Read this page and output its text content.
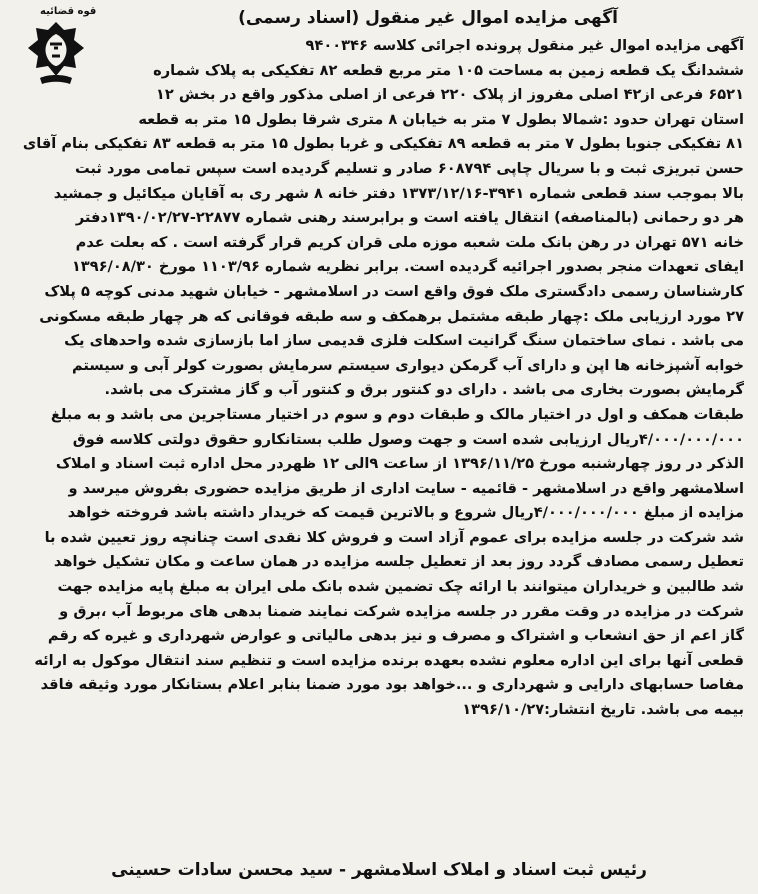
قوه قضائیه	آگهی مزایده اموال غیر منقول (اسناد رسمی)
آگهی مزایده اموال غیر منقول پرونده اجرائی کلاسه ۹۴۰۰۳۴۶
ششدانگ یک قطعه زمین به مساحت ۱۰۵ متر مربع قطعه ۸۲ تفکیکی به پلاک شماره
۶۵۲۱ فرعی از۴۲ اصلی مفروز از پلاک ۲۲۰ فرعی از اصلی مذکور واقع در بخش ۱۲
استان تهران حدود :شمالا بطول ۷ متر به خیابان ۸ متری شرقا بطول ۱۵ متر به قطعه
۸۱ تفکیکی جنوبا بطول ۷ متر به قطعه ۸۹ تفکیکی و غربا بطول ۱۵ متر به قطعه ۸۳ تفکیکی بنام آقای
حسن تبریزی ثبت و با سریال چاپی ۶۰۸۷۹۴ صادر و تسلیم گردیده است سپس تمامی مورد ثبت
بالا بموجب سند قطعی شماره ۳۹۴۱-۱۳۷۳/۱۲/۱۶ دفتر خانه ۸ شهر ری به آقایان میکائیل و جمشید
هر دو رحمانی (بالمناصفه) انتقال یافته است و برابرسند رهنی شماره ۲۲۸۷۷-۱۳۹۰/۰۲/۲۷دفتر
خانه ۵۷۱ تهران در رهن بانک ملت شعبه موزه ملی قران کریم قرار گرفته است . که بعلت عدم
ایفای تعهدات منجر بصدور اجرائیه گردیده است. برابر نظریه شماره ۱۱۰۳/۹۶ مورخ ۱۳۹۶/۰۸/۳۰
کارشناسان رسمی دادگستری ملک فوق واقع است در اسلامشهر - خیابان شهید مدنی کوچه ۵ پلاک
۲۷ مورد ارزیابی ملک :چهار طبقه مشتمل برهمکف و سه طبقه فوقانی که هر چهار طبقه مسکونی
می باشد . نمای ساختمان سنگ گرانیت اسکلت فلزی قدیمی ساز اما بازسازی شده واحدهای یک
خوابه آشپزخانه ها اپن و دارای آب گرمکن دیواری سیستم سرمایش بصورت کولر آبی و سیستم
گرمایش بصورت بخاری می باشد . دارای دو کنتور برق و کنتور آب و گاز مشترک می باشد.
طبقات همکف و اول در اختیار مالک و طبقات دوم و سوم در اختیار مستاجرین می باشد و به مبلغ
۴/۰۰۰/۰۰۰/۰۰۰ریال ارزیابی شده است و جهت وصول طلب بستانکارو حقوق دولتی کلاسه فوق
الذکر در روز چهارشنبه مورخ ۱۳۹۶/۱۱/۲۵ از ساعت ۹الی ۱۲ ظهردر محل اداره ثبت اسناد و املاک
اسلامشهر واقع در اسلامشهر - قائمیه - سایت اداری از طریق مزایده حضوری بفروش میرسد و
مزایده از مبلغ ۴/۰۰۰/۰۰۰/۰۰۰ریال شروع و بالاترین قیمت که خریدار داشته باشد فروخته خواهد
شد شرکت در جلسه مزایده برای عموم آزاد است و فروش کلا نقدی است چنانچه روز تعیین شده با
تعطیل رسمی مصادف گردد روز بعد از تعطیل جلسه مزایده در همان ساعت و مکان تشکیل خواهد
شد طالبین و خریداران میتوانند با ارائه چک تضمین شده بانک ملی ایران به مبلغ پایه مزایده جهت
شرکت در مزایده در وقت مقرر در جلسه مزایده شرکت نمایند ضمنا بدهی های مربوط آب ،برق و
گاز اعم از حق انشعاب و اشتراک و مصرف و نیز بدهی مالیاتی و عوارض شهرداری و غیره که رقم
قطعی آنها برای این اداره معلوم نشده بعهده برنده مزایده است و تنظیم سند انتقال موکول به ارائه
مفاصا حسابهای دارایی و شهرداری و ...خواهد بود مورد ضمنا بنابر اعلام بستانکار مورد وثیقه فاقد
بیمه می باشد. تاریخ انتشار:۱۳۹۶/۱۰/۲۷
رئیس ثبت اسناد و املاک اسلامشهر - سید محسن سادات حسینی
